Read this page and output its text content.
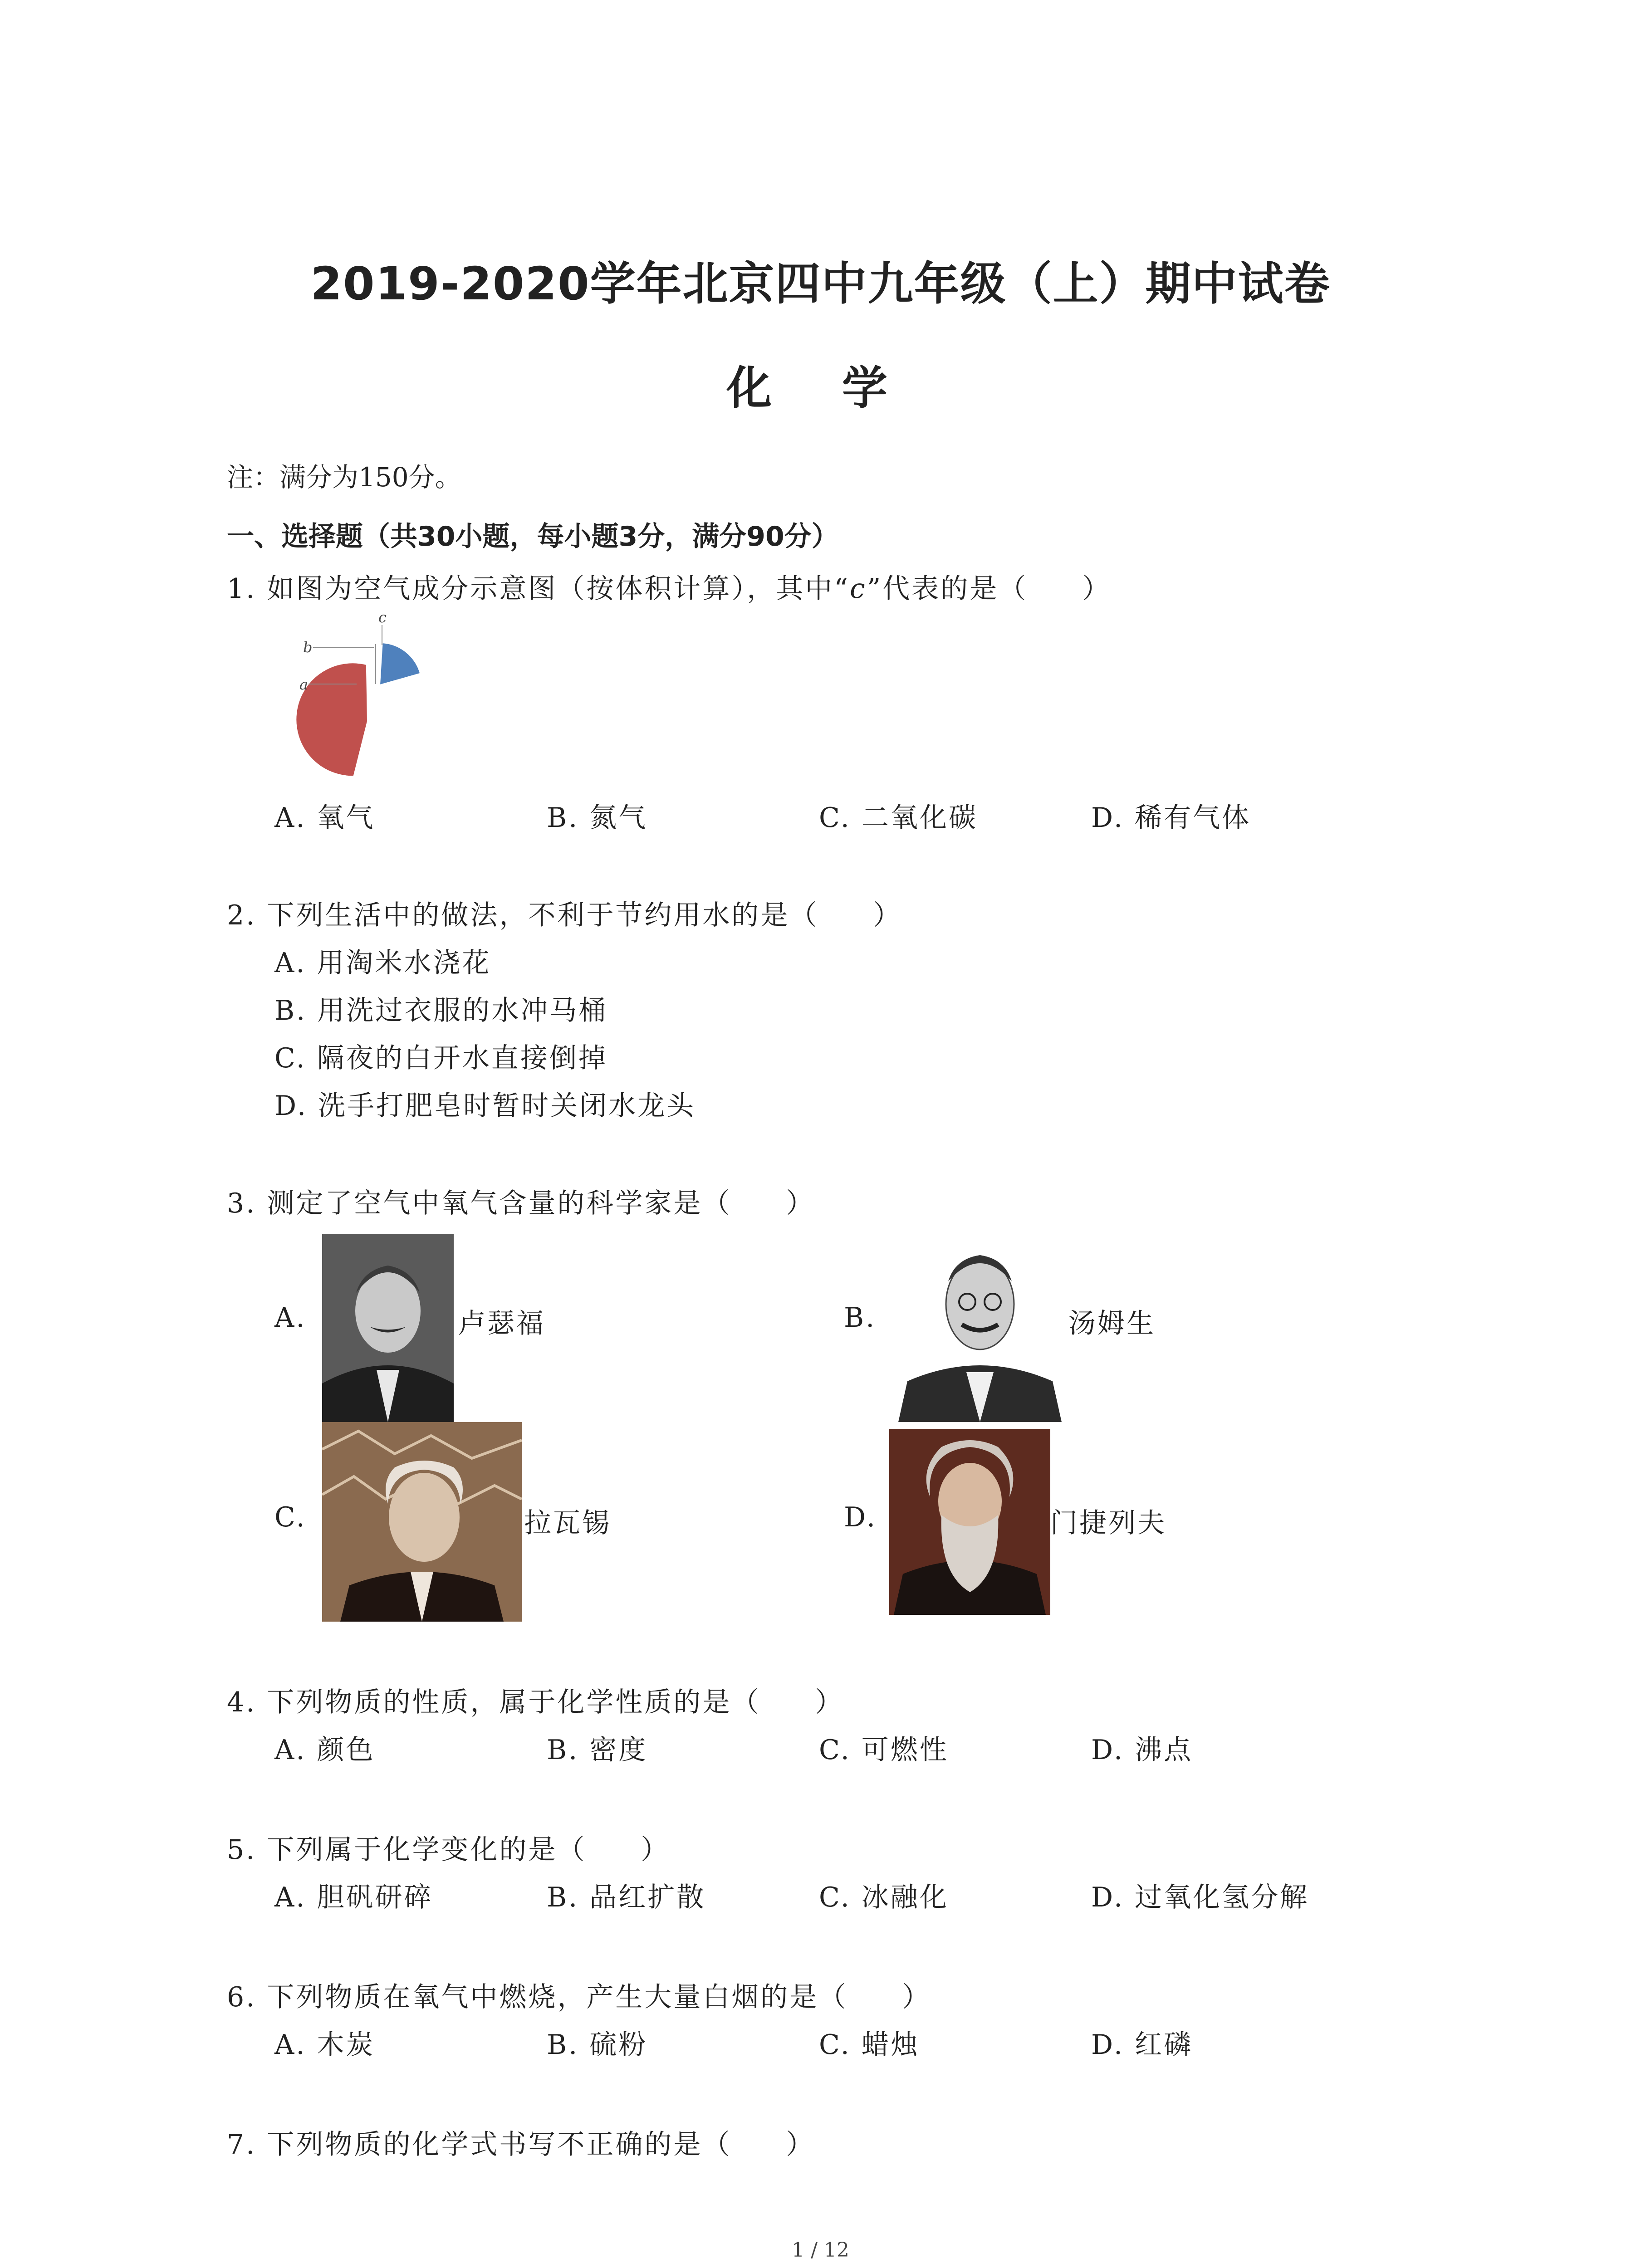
2019-2020学年北京四中九年级（上）期中试卷
化 学
注：满分为150分。
一、选择题（共30小题，每小题3分，满分90分）
1. 如图为空气成分示意图（按体积计算），其中“c”代表的是（ ）
a
b
c
A. 氧气	B. 氮气	C. 二氧化碳	D. 稀有气体
2. 下列生活中的做法，不利于节约用水的是（ ）
A. 用淘米水浇花
B. 用洗过衣服的水冲马桶
C. 隔夜的白开水直接倒掉
D. 洗手打肥皂时暂时关闭水龙头
3. 测定了空气中氧气含量的科学家是（ ）
A.	卢瑟福	B.	汤姆生
C.	拉瓦锡	D.	门捷列夫
4. 下列物质的性质，属于化学性质的是（ ）
A. 颜色	B. 密度	C. 可燃性	D. 沸点
5. 下列属于化学变化的是（ ）
A. 胆矾研碎	B. 品红扩散	C. 冰融化	D. 过氧化氢分解
6. 下列物质在氧气中燃烧，产生大量白烟的是（ ）
A. 木炭	B. 硫粉	C. 蜡烛	D. 红磷
7. 下列物质的化学式书写不正确的是（ ）
1 / 12
